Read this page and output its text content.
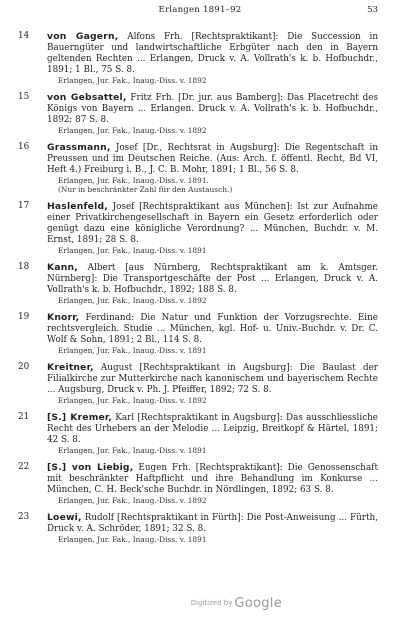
Erlangen 1891–92	53
14 von Gagern, Alfons Frh. [Rechtspraktikant]: Die Succession in Bauerngüter und landwirtschaftliche Erbgüter nach den in Bayern geltenden Rechten ... Erlangen, Druck v. A. Vollrath's k. b. Hofbuchdr., 1891; 1 Bl., 75 S. 8.
Erlangen, Jur. Fak., Inaug.-Diss. v. 1892
15 von Gebsattel, Fritz Frh. [Dr. jur. aus Bamberg]: Das Placetrecht des Königs von Bayern ... Erlangen. Druck v. A. Vollrath's k. b. Hofbuchdr., 1892; 87 S. 8.
Erlangen, Jur. Fak., Inaug.-Diss. v. 1892
16 Grassmann, Josef [Dr., Rechtsrat in Augsburg]: Die Regentschaft in Preussen und im Deutschen Reiche. (Aus: Arch. f. öffentl. Recht, Bd VI, Heft 4.) Freiburg i. B., J. C. B. Mohr, 1891; 1 Bl., 56 S. 8.
Erlangen, Jur. Fak., Inaug.-Diss. v. 1891.
(Nur in beschränkter Zahl für den Austausch.)
17 Haslenfeld, Josef [Rechtspraktikant aus München]: Ist zur Aufnahme einer Privatkirchengesellschaft in Bayern ein Gesetz erforderlich oder genügt dazu eine königliche Verordnung? ... München, Buchdr. v. M. Ernst, 1891; 28 S. 8.
Erlangen, Jur. Fak., Inaug.-Diss. v. 1891
18 Kann, Albert [aus Nürnberg, Rechtspraktikant am k. Amtsger. Nürnberg]: Die Transportgeschäfte der Post ... Erlangen, Druck v. A. Vollrath's k. b. Hofbuchdr., 1892; 188 S. 8.
Erlangen, Jur. Fak., Inaug.-Diss. v. 1892
19 Knorr, Ferdinand: Die Natur und Funktion der Vorzugsrechte. Eine rechtsvergleich. Studie ... München, kgl. Hof- u. Univ.-Buchdr. v. Dr. C. Wolf & Sohn, 1891; 2 Bl., 114 S. 8.
Erlangen, Jur. Fak., Inaug.-Diss. v. 1891
20 Kreitner, August [Rechtspraktikant in Augsburg]: Die Baulast der Filialkirche zur Mutterkirche nach kanonischem und bayerischem Rechte ... Augsburg, Druck v. Ph. J. Pfeiffer, 1892; 72 S. 8.
Erlangen, Jur. Fak., Inaug.-Diss. v. 1892
21 [S.] Kremer, Karl [Rechtspraktikant in Augsburg]: Das ausschliessliche Recht des Urhebers an der Melodie ... Leipzig, Breitkopf & Härtel, 1891; 42 S. 8.
Erlangen, Jur. Fak., Inaug.-Diss. v. 1891
22 [S.] von Liebig, Eugen Frh. [Rechtspraktikant]: Die Genossenschaft mit beschränkter Haftpflicht und ihre Behandlung im Konkurse ... München, C. H. Beck'sche Buchdr. in Nördlingen, 1892; 63 S. 8.
Erlangen, Jur. Fak., Inaug.-Diss. v. 1892
23 Loewi, Rudolf [Rechtspraktikant in Fürth]: Die Post-Anweisung ... Fürth, Druck v. A. Schröder, 1891; 32 S. 8.
Erlangen, Jur. Fak., Inaug.-Diss. v. 1891
Digitized by Google
